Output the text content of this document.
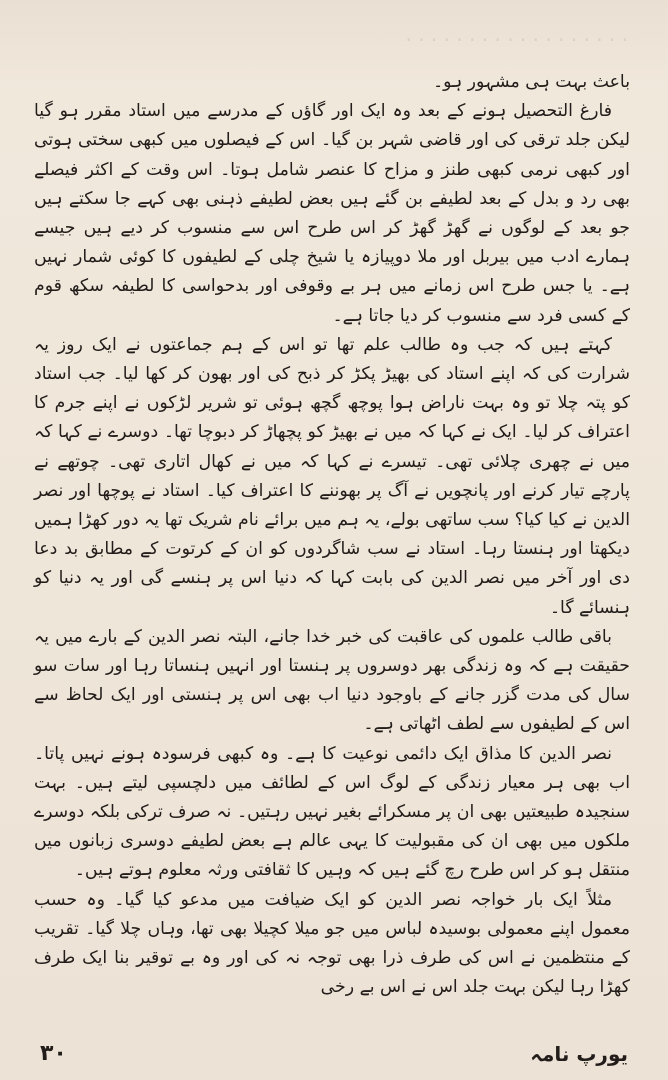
· · · · · · · · · · · · · · · · · ·

باعث بہت ہی مشہور ہو۔

فارغ التحصیل ہونے کے بعد وہ ایک اور گاؤں کے مدرسے میں استاد مقرر ہو گیا لیکن جلد ترقی کی اور قاضی شہر بن گیا۔ اس کے فیصلوں میں کبھی سختی ہوتی اور کبھی نرمی کبھی طنز و مزاح کا عنصر شامل ہوتا۔ اس وقت کے اکثر فیصلے بھی رد و بدل کے بعد لطیفے بن گئے ہیں بعض لطیفے ذہنی بھی کہے جا سکتے ہیں جو بعد کے لوگوں نے گھڑ گھڑ کر اس طرح اس سے منسوب کر دیے ہیں جیسے ہمارے ادب میں بیربل اور ملا دوپیازہ یا شیخ چلی کے لطیفوں کا کوئی شمار نہیں ہے۔ یا جس طرح اس زمانے میں ہر بے وقوفی اور بدحواسی کا لطیفہ سکھ قوم کے کسی فرد سے منسوب کر دیا جاتا ہے۔

کہتے ہیں کہ جب وہ طالب علم تھا تو اس کے ہم جماعتوں نے ایک روز یہ شرارت کی کہ اپنے استاد کی بھیڑ پکڑ کر ذبح کی اور بھون کر کھا لیا۔ جب استاد کو پتہ چلا تو وہ بہت ناراض ہوا پوچھ گچھ ہوئی تو شریر لڑکوں نے اپنے جرم کا اعتراف کر لیا۔ ایک نے کہا کہ میں نے بھیڑ کو پچھاڑ کر دبوچا تھا۔ دوسرے نے کہا کہ میں نے چھری چلائی تھی۔ تیسرے نے کہا کہ میں نے کھال اتاری تھی۔ چوتھے نے پارچے تیار کرنے اور پانچویں نے آگ پر بھوننے کا اعتراف کیا۔ استاد نے پوچھا اور نصر الدین نے کیا کیا؟ سب ساتھی بولے، یہ ہم میں برائے نام شریک تھا یہ دور کھڑا ہمیں دیکھتا اور ہنستا رہا۔ استاد نے سب شاگردوں کو ان کے کرتوت کے مطابق بد دعا دی اور آخر میں نصر الدین کی بابت کہا کہ دنیا اس پر ہنسے گی اور یہ دنیا کو ہنسائے گا۔

باقی طالب علموں کی عاقبت کی خبر خدا جانے، البتہ نصر الدین کے بارے میں یہ حقیقت ہے کہ وہ زندگی بھر دوسروں پر ہنستا اور انہیں ہنساتا رہا اور سات سو سال کی مدت گزر جانے کے باوجود دنیا اب بھی اس پر ہنستی اور ایک لحاظ سے اس کے لطیفوں سے لطف اٹھاتی ہے۔

نصر الدین کا مذاق ایک دائمی نوعیت کا ہے۔ وہ کبھی فرسودہ ہونے نہیں پاتا۔ اب بھی ہر معیار زندگی کے لوگ اس کے لطائف میں دلچسپی لیتے ہیں۔ بہت سنجیدہ طبیعتیں بھی ان پر مسکرائے بغیر نہیں رہتیں۔ نہ صرف ترکی بلکہ دوسرے ملکوں میں بھی ان کی مقبولیت کا یہی عالم ہے بعض لطیفے دوسری زبانوں میں منتقل ہو کر اس طرح رچ گئے ہیں کہ وہیں کا ثقافتی ورثہ معلوم ہوتے ہیں۔

مثلاً ایک بار خواجہ نصر الدین کو ایک ضیافت میں مدعو کیا گیا۔ وہ حسب معمول اپنے معمولی بوسیدہ لباس میں جو میلا کچیلا بھی تھا، وہاں چلا گیا۔ تقریب کے منتظمین نے اس کی طرف ذرا بھی توجہ نہ کی اور وہ بے توقیر بنا ایک طرف کھڑا رہا لیکن بہت جلد اس نے اس بے رخی

یورپ نامہ
۳۰
